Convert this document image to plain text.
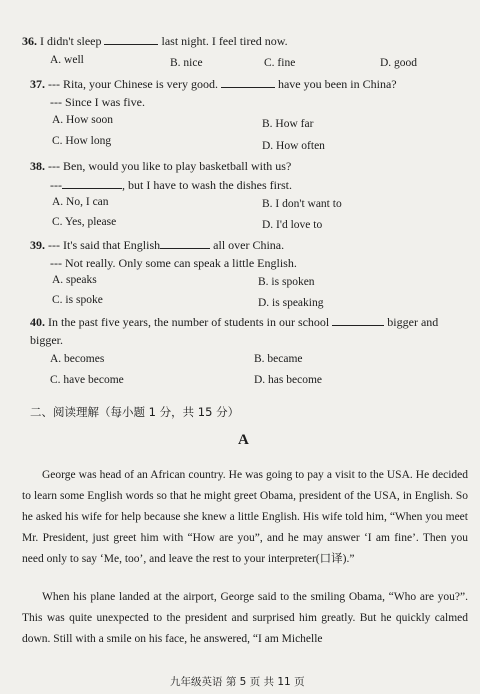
36. I didn't sleep	last night. I feel tired now.
A. well	B. nice	C. fine	D. good
37. --- Rita, your Chinese is very good.	have you been in China?
--- Since I was five.
A. How soon	B. How far
C. How long	D. How often
38. --- Ben, would you like to play basketball with us?
---	, but I have to wash the dishes first.
A. No, I can	B. I don't want to
C. Yes, please	D. I'd love to
39. --- It's said that English	all over China.
--- Not really. Only some can speak a little English.
A. speaks	B. is spoken
C. is spoke	D. is speaking
40. In the past five years, the number of students in our school	bigger and
bigger.
A. becomes	B. became
C. have become	D. has become
二、阅读理解（每小题 1 分，共 15 分）
A
George was head of an African country. He was going to pay a visit to the USA. He decided to learn some English words so that he might greet Obama, president of the USA, in English. So he asked his wife for help because she knew a little English. His wife told him, “When you meet Mr. President, just greet him with “How are you”, and he may answer ‘I am fine’. Then you need only to say ‘Me, too’, and leave the rest to your interpreter(口译).”
When his plane landed at the airport, George said to the smiling Obama, “Who are you?”. This was quite unexpected to the president and surprised him greatly. But he quickly calmed down. Still with a smile on his face, he answered, “I am Michelle
九年级英语 第 5 页 共 11 页
